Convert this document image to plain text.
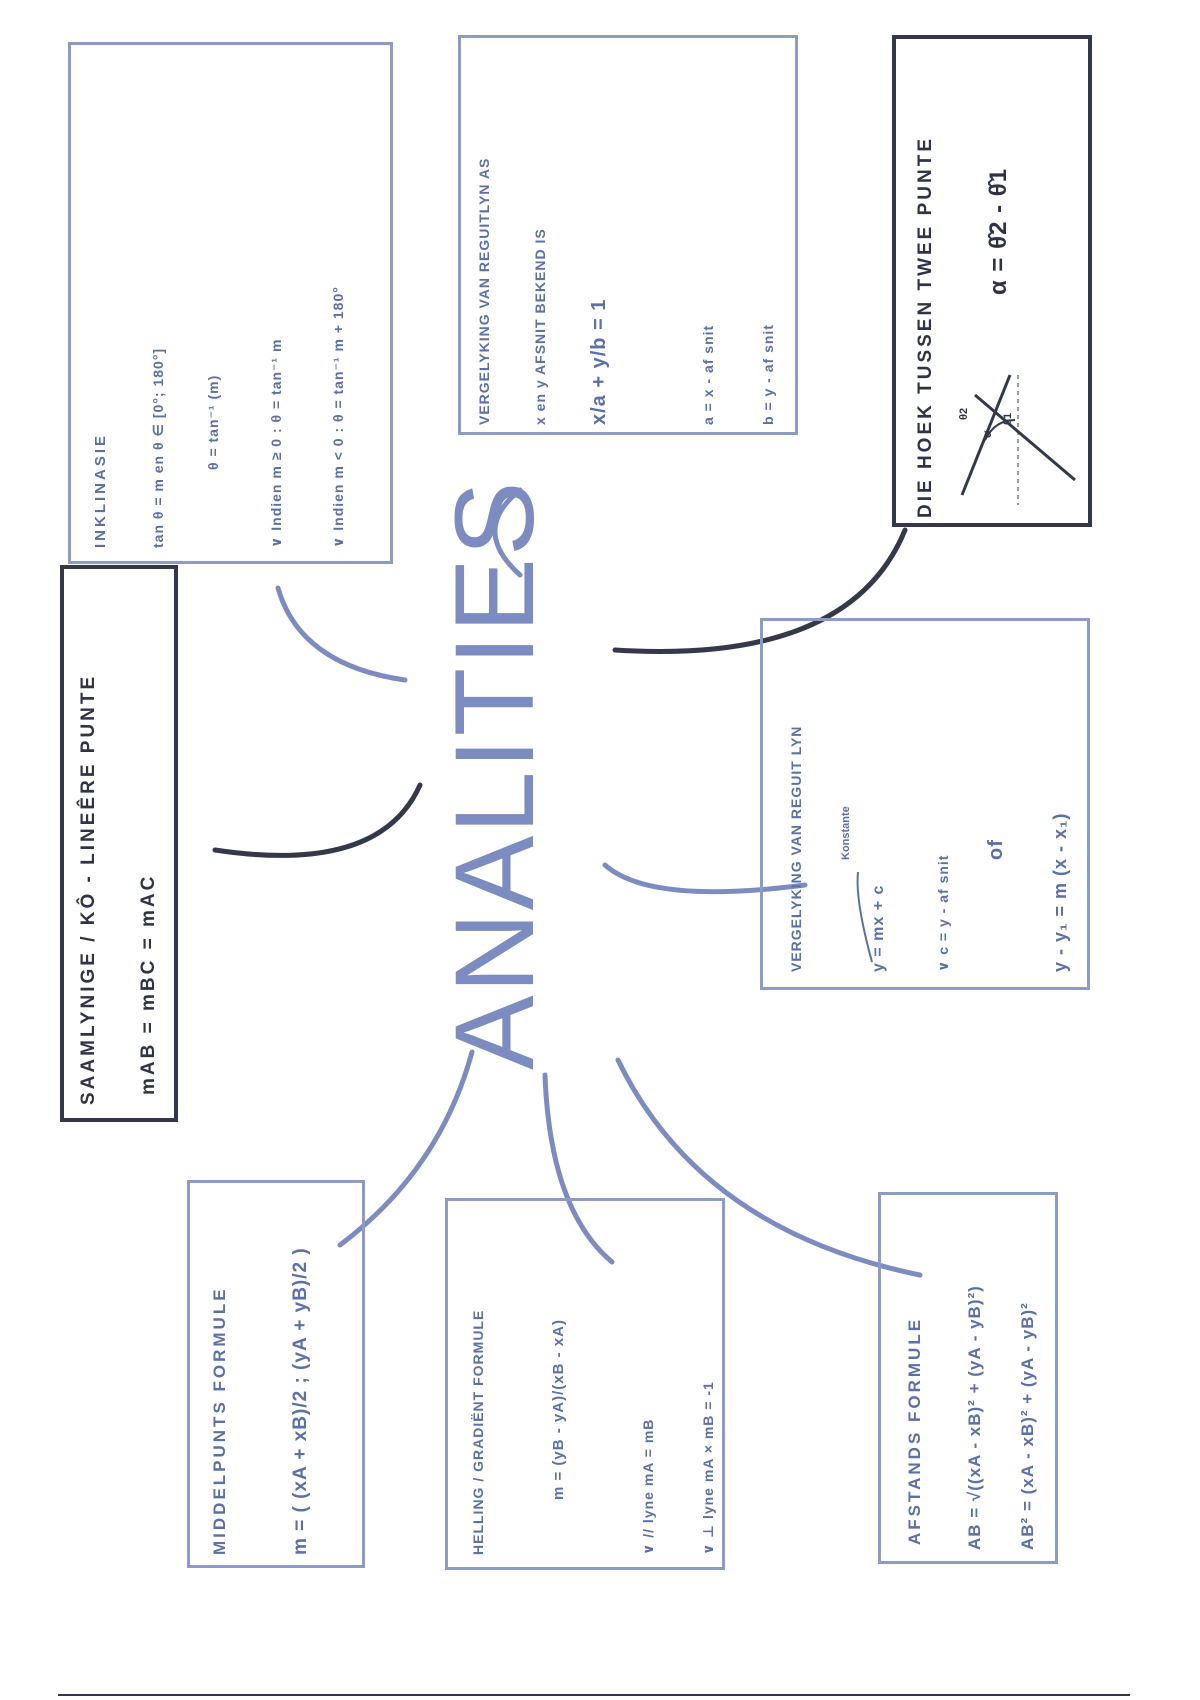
ANALITIES
INKLINASIE	tan θ = m en θ ∈ [0°; 180°]	θ = tan⁻¹ (m)	∨ Indien m ≥ 0 : θ = tan⁻¹ m	∨ Indien m < 0 : θ = tan⁻¹ m + 180°	VERGELYKING VAN REGUITLYN AS	x en y AFSNIT BEKEND IS x/a + y/b = 1	a = x - af snit	b = y - af snit	DIE HOEK TUSSEN TWEE PUNTE θ2
α
θ1
α = θ̂2 - θ̂1
SAAMLYNIGE / KÔ - LINEÊRE PUNTE mAB = mBC = mAC
VERGELYKING VAN REGUIT LYN	Konstante
y = mx + c	∨ c = y - af snit
of y - y₁ = m (x - x₁)
MIDDELPUNTS FORMULE	m = ( (xA + xB)/2 ; (yA + yB)/2 )	HELLING / GRADIËNT FORMULE	m = (yB - yA)/(xB - xA)	∨ // lyne mA = mB	∨ ⊥ lyne mA × mB = -1	AFSTANDS FORMULE AB = √((xA - xB)² + (yA - yB)²) AB² = (xA - xB)² + (yA - yB)²
